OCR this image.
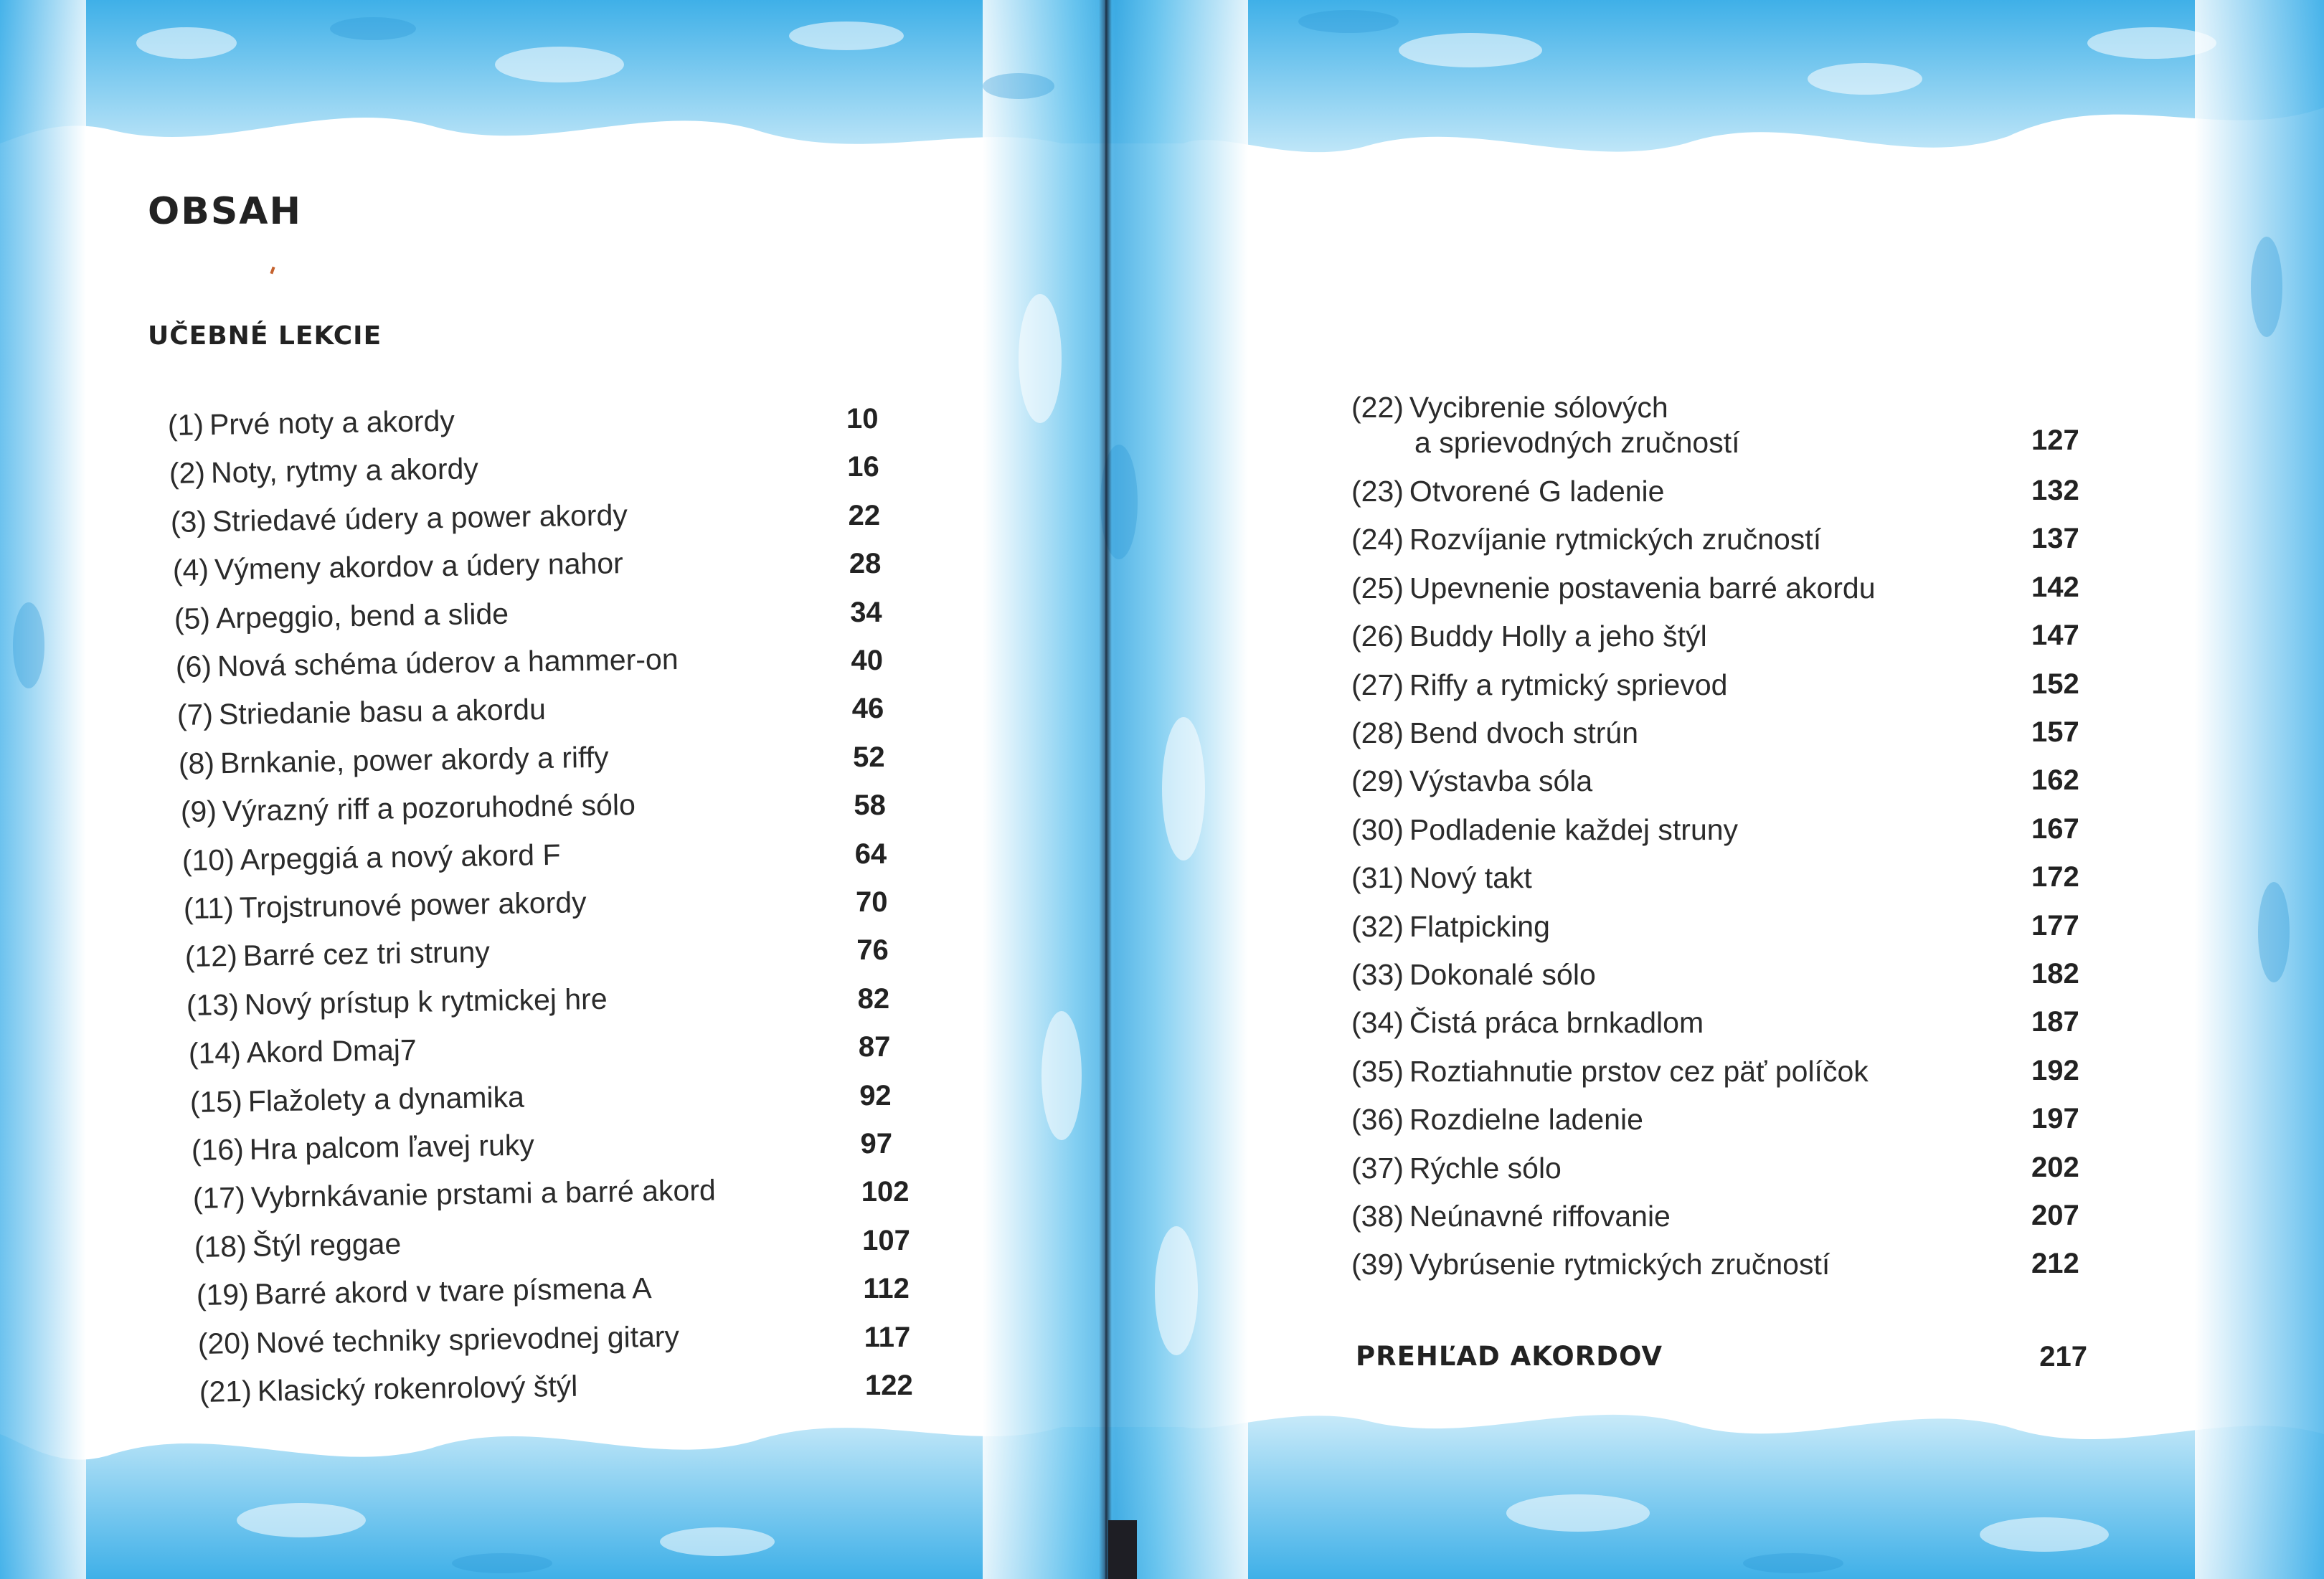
OBSAH
UČEBNÉ LEKCIE
(1) Prvé noty a akordy	10
(2) Noty, rytmy a akordy	16
(3) Striedavé údery a power akordy	22
(4) Výmeny akordov a údery nahor	28
(5) Arpeggio, bend a slide	34
(6) Nová schéma úderov a hammer-on	40
(7) Striedanie basu a akordu	46
(8) Brnkanie, power akordy a riffy	52
(9) Výrazný riff a pozoruhodné sólo	58
(10) Arpeggiá a nový akord F	64
(11) Trojstrunové power akordy	70
(12) Barré cez tri struny	76
(13) Nový prístup k rytmickej hre	82
(14) Akord Dmaj7	87
(15) Flažolety a dynamika	92
(16) Hra palcom ľavej ruky	97
(17) Vybrnkávanie prstami a barré akord	102
(18) Štýl reggae	107
(19) Barré akord v tvare písmena A	112
(20) Nové techniky sprievodnej gitary	117
(21) Klasický rokenrolový štýl	122
(22) Vycibrenie sólových
a sprievodných zručností	127
(23) Otvorené G ladenie	132
(24) Rozvíjanie rytmických zručností	137
(25) Upevnenie postavenia barré akordu	142
(26) Buddy Holly a jeho štýl	147
(27) Riffy a rytmický sprievod	152
(28) Bend dvoch strún	157
(29) Výstavba sóla	162
(30) Podladenie každej struny	167
(31) Nový takt	172
(32) Flatpicking	177
(33) Dokonalé sólo	182
(34) Čistá práca brnkadlom	187
(35) Roztiahnutie prstov cez päť políčok	192
(36) Rozdielne ladenie	197
(37) Rýchle sólo	202
(38) Neúnavné riffovanie	207
(39) Vybrúsenie rytmických zručností	212
PREHĽAD AKORDOV	217
